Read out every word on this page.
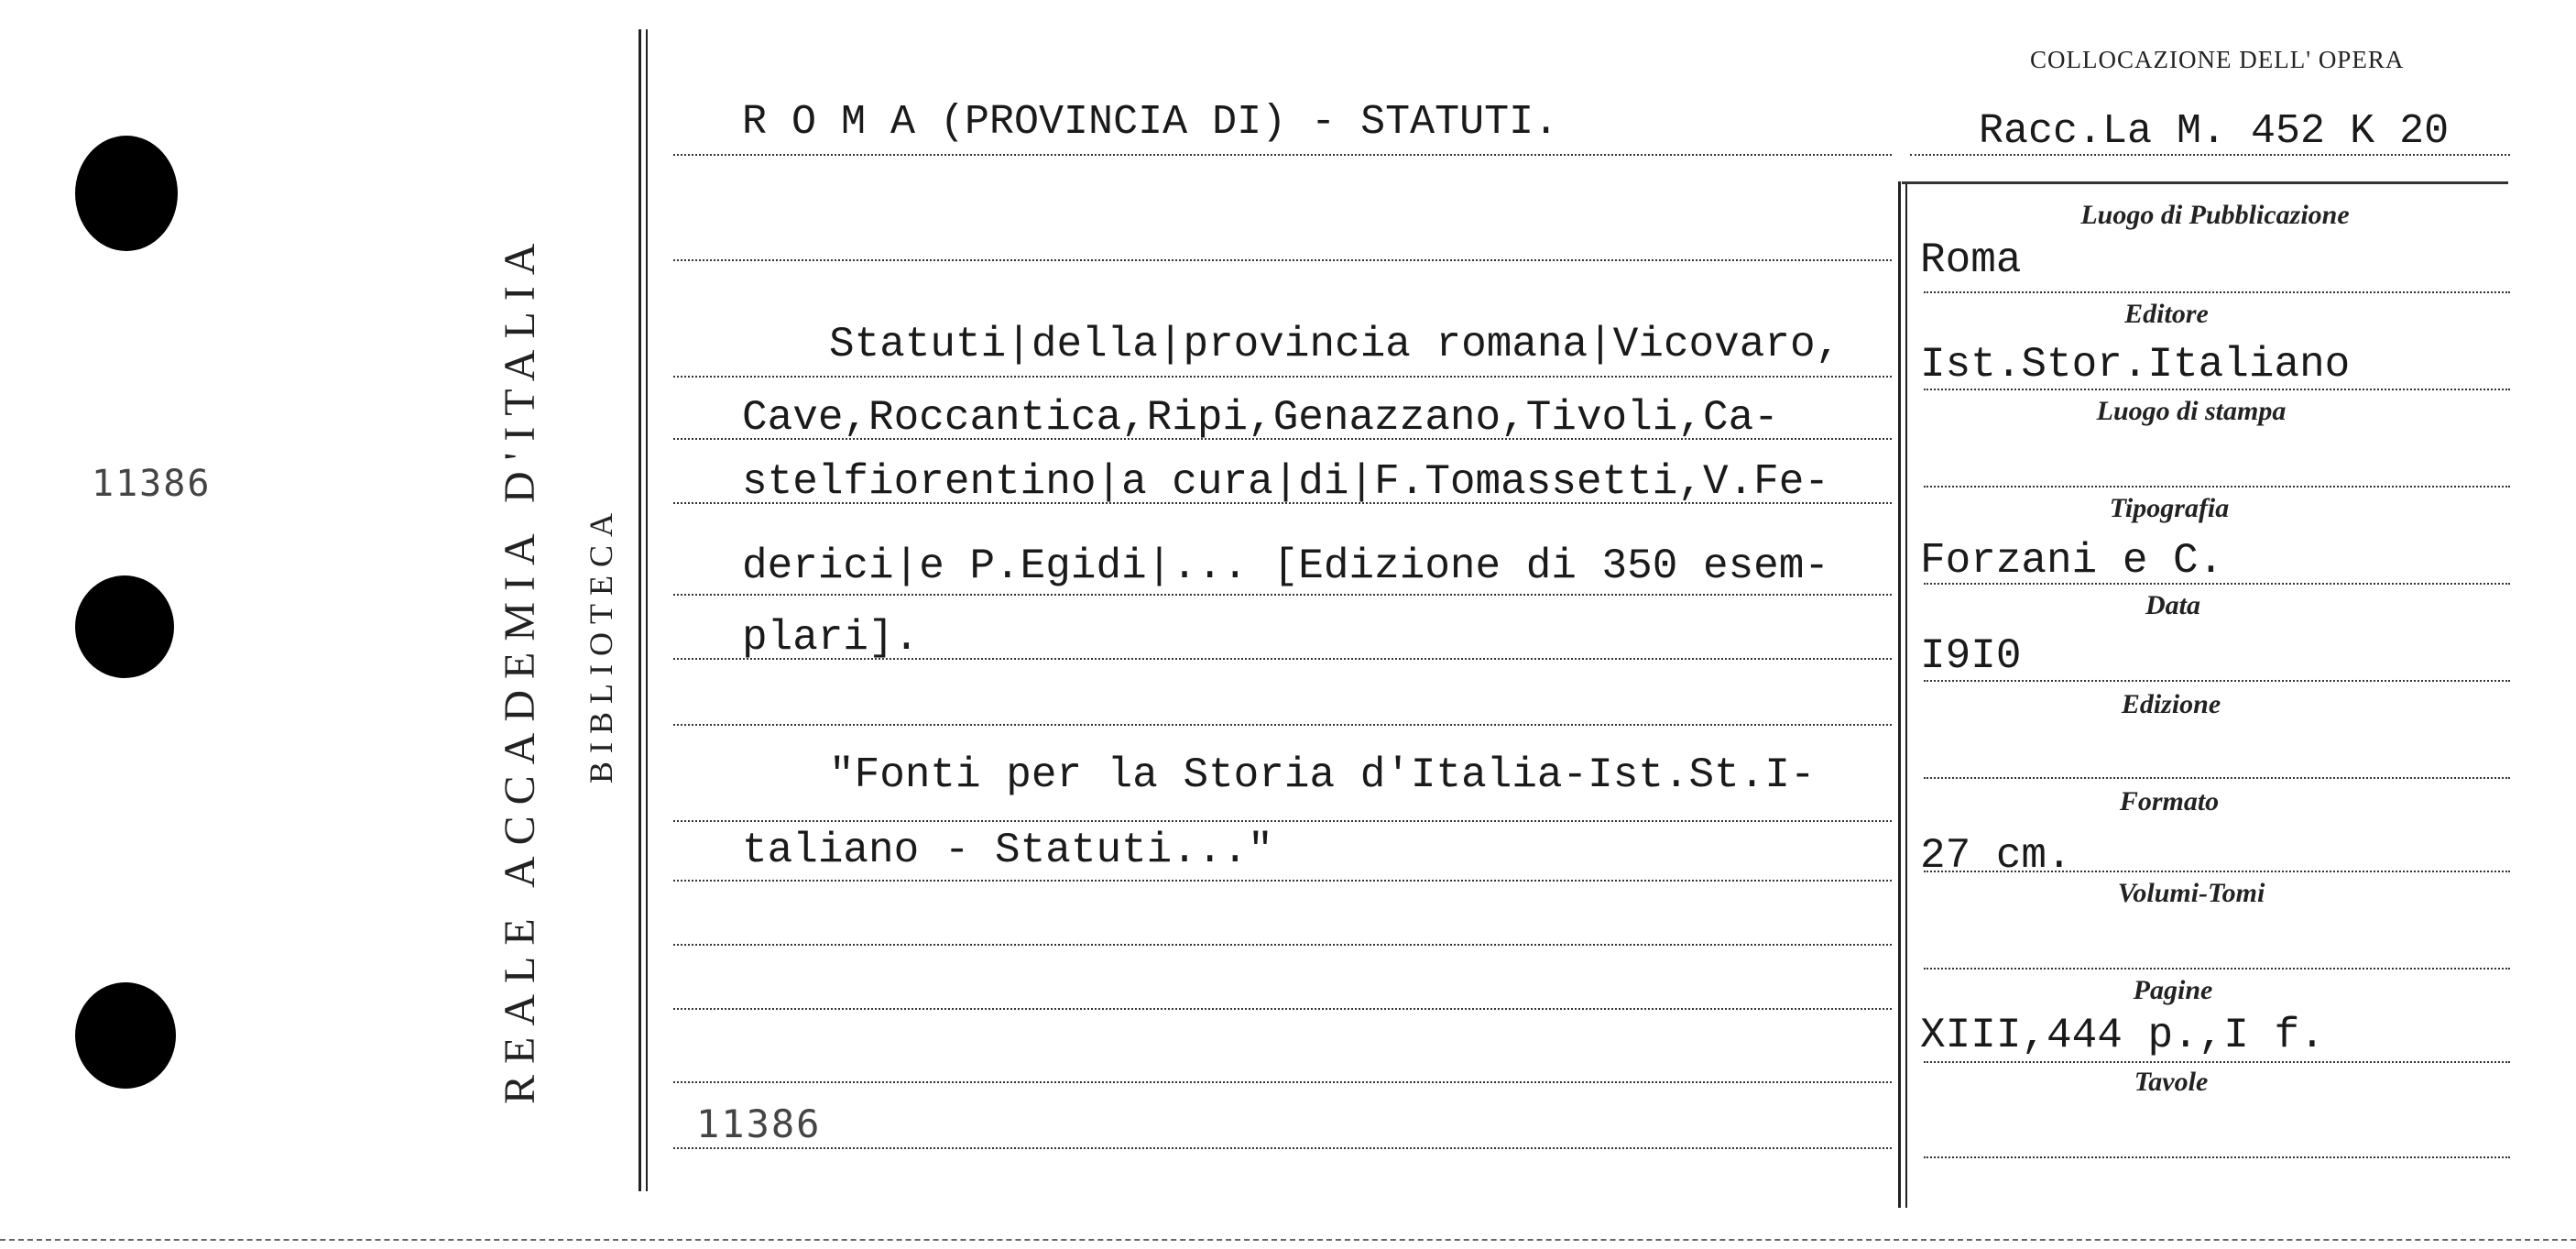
11386	REALE ACCADEMIA D'ITALIA BIBLIOTECA
R O M A (PROVINCIA DI) - STATUTI.
COLLOCAZIONE DELL' OPERA
Racc.La M. 452 K 20
Statuti|della|provincia romana|Vicovaro,
Cave,Roccantica,Ripi,Genazzano,Tivoli,Ca-
stelfiorentino|a cura|di|F.Tomassetti,V.Fe-
derici|e P.Egidi|... [Edizione di 350 esem-
plari].
"Fonti per la Storia d'Italia-Ist.St.I-
taliano - Statuti..."
11386
Luogo di Pubblicazione
Roma
Editore
Ist.Stor.Italiano
Luogo di stampa
Tipografia
Forzani e C.
Data
I9I0
Edizione
Formato
27 cm.
Volumi-Tomi
Pagine
XIII,444 p.,I f.
Tavole
